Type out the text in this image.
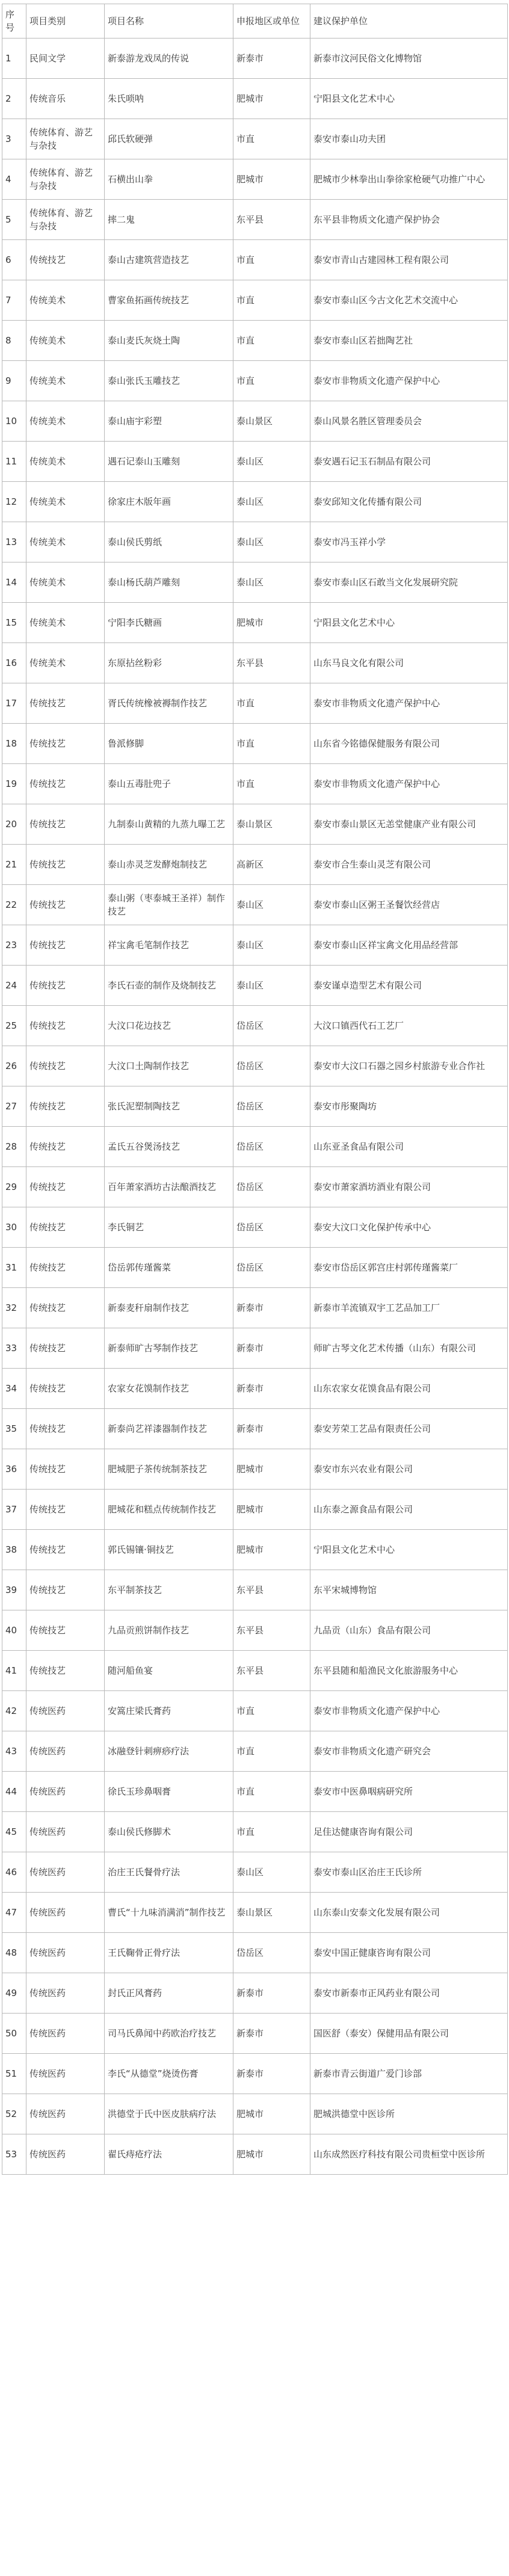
序号	项目类别	项目名称	申报地区或单位	建议保护单位
1	民间文学	新泰游龙戏凤的传说	新泰市	新泰市汶河民俗文化博物馆
2	传统音乐	朱氏唢呐	肥城市	宁阳县文化艺术中心
3	传统体育、游艺与杂技	邱氏软硬弹	市直	泰安市泰山功夫团
4	传统体育、游艺与杂技	石横出山拳	肥城市	肥城市少林拳出山拳徐家枪硬气功推广中心
5	传统体育、游艺与杂技	摔二鬼	东平县	东平县非物质文化遗产保护协会
6	传统技艺	泰山古建筑营造技艺	市直	泰安市青山古建园林工程有限公司
7	传统美术	曹家鱼拓画传统技艺	市直	泰安市泰山区今古文化艺术交流中心
8	传统美术	泰山麦氏灰烧土陶	市直	泰安市泰山区若拙陶艺社
9	传统美术	泰山张氏玉雕技艺	市直	泰安市非物质文化遗产保护中心
10	传统美术	泰山庙宇彩塑	泰山景区	泰山风景名胜区管理委员会
11	传统美术	遇石记泰山玉雕刻	泰山区	泰安遇石记玉石制品有限公司
12	传统美术	徐家庄木版年画	泰山区	泰安邱知文化传播有限公司
13	传统美术	泰山侯氏剪纸	泰山区	泰安市冯玉祥小学
14	传统美术	泰山杨氏葫芦雕刻	泰山区	泰安市泰山区石敢当文化发展研究院
15	传统美术	宁阳李氏糖画	肥城市	宁阳县文化艺术中心
16	传统美术	东原拈丝粉彩	东平县	山东马良文化有限公司
17	传统技艺	胥氏传统橡被褥制作技艺	市直	泰安市非物质文化遗产保护中心
18	传统技艺	鲁派修脚	市直	山东省今铭德保健服务有限公司
19	传统技艺	泰山五毒肚兜子	市直	泰安市非物质文化遗产保护中心
20	传统技艺	九制泰山黄精的九蒸九曝工艺	泰山景区	泰安市泰山景区无恙堂健康产业有限公司
21	传统技艺	泰山赤灵芝发酵炮制技艺	高新区	泰安市合生泰山灵芝有限公司
22	传统技艺	泰山粥（枣泰城王圣祥）制作技艺	泰山区	泰安市泰山区粥王圣餐饮经营店
23	传统技艺	祥宝禽毛笔制作技艺	泰山区	泰安市泰山区祥宝禽文化用品经营部
24	传统技艺	李氏石壶的制作及烧制技艺	泰山区	泰安谨卓造型艺术有限公司
25	传统技艺	大汶口花边技艺	岱岳区	大汶口镇西代石工艺厂
26	传统技艺	大汶口土陶制作技艺	岱岳区	泰安市大汶口石器之园乡村旅游专业合作社
27	传统技艺	张氏泥塑制陶技艺	岱岳区	泰安市彤聚陶坊
28	传统技艺	孟氏五谷煲汤技艺	岱岳区	山东亚圣食品有限公司
29	传统技艺	百年萧家酒坊古法酿酒技艺	岱岳区	泰安市萧家酒坊酒业有限公司
30	传统技艺	李氏铜艺	岱岳区	泰安大汶口文化保护传承中心
31	传统技艺	岱岳郭传瑾酱菜	岱岳区	泰安市岱岳区郭宫庄村郭传瑾酱菜厂
32	传统技艺	新泰麦秆扇制作技艺	新泰市	新泰市羊流镇双宇工艺品加工厂
33	传统技艺	新泰师旷古琴制作技艺	新泰市	师旷古琴文化艺术传播（山东）有限公司
34	传统技艺	农家女花馍制作技艺	新泰市	山东农家女花馍食品有限公司
35	传统技艺	新泰尚艺祥漆器制作技艺	新泰市	泰安芳荣工艺品有限责任公司
36	传统技艺	肥城肥子茶传统制茶技艺	肥城市	泰安市东兴农业有限公司
37	传统技艺	肥城花和糕点传统制作技艺	肥城市	山东泰之源食品有限公司
38	传统技艺	郭氏锡镶·铜技艺	肥城市	宁阳县文化艺术中心
39	传统技艺	东平制茶技艺	东平县	东平宋城博物馆
40	传统技艺	九品贡煎饼制作技艺	东平县	九品贡（山东）食品有限公司
41	传统技艺	随河船鱼宴	东平县	东平县随和船渔民文化旅游服务中心
42	传统医药	安篙庄梁氏膏药	市直	泰安市非物质文化遗产保护中心
43	传统医药	冰融登针刺痹痧疗法	市直	泰安市非物质文化遗产研究会
44	传统医药	徐氏玉珍鼻咽膏	市直	泰安市中医鼻咽病研究所
45	传统医药	泰山侯氏修脚术	市直	足佳达健康咨询有限公司
46	传统医药	治庄王氏餐骨疗法	泰山区	泰安市泰山区治庄王氏诊所
47	传统医药	曹氏“十九味消满消”制作技艺	泰山景区	山东泰山安泰文化发展有限公司
48	传统医药	王氏鞠骨正骨疗法	岱岳区	泰安中国正健康咨询有限公司
49	传统医药	封氏正风膏药	新泰市	泰安市新泰市正风药业有限公司
50	传统医药	司马氏鼻闻中药欧治疗技艺	新泰市	国医舒（泰安）保健用品有限公司
51	传统医药	李氏“从德堂”烧烫伤膏	新泰市	新泰市青云街道广爱门诊部
52	传统医药	洪德堂于氏中医皮肤病疗法	肥城市	肥城洪德堂中医诊所
53	传统医药	翟氏痔疮疗法	肥城市	山东成然医疗科技有限公司贵桓堂中医诊所
